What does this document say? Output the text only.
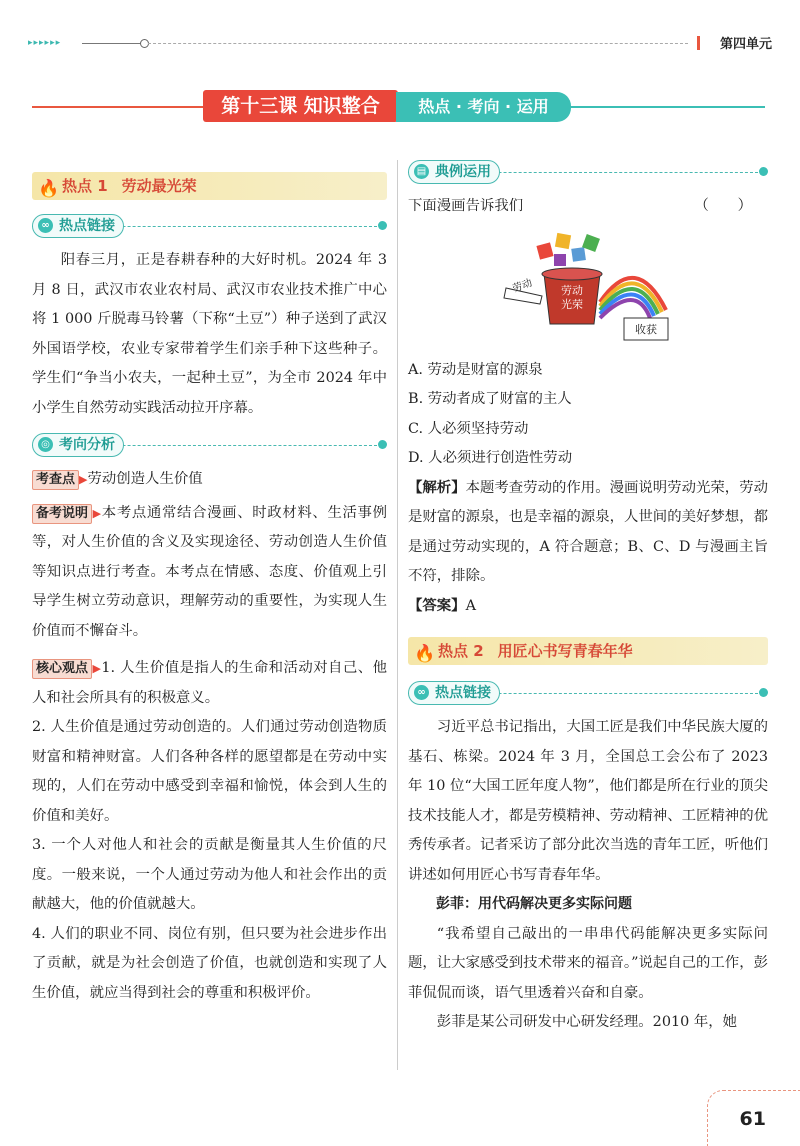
▸▸▸▸▸▸	第四单元
第十三课 知识整合	热点 · 考向 · 运用
🔥 热点 1 劳动最光荣
∞ 热点链接

阳春三月，正是春耕春种的大好时机。2024 年 3 月 8 日，武汉市农业农村局、武汉市农业技术推广中心将 1 000 斤脱毒马铃薯（下称“土豆”）种子送到了武汉外国语学校，农业专家带着学生们亲手种下这些种子。学生们“争当小农夫，一起种土豆”，为全市 2024 年中小学生自然劳动实践活动拉开序幕。

◎ 考向分析

考查点 ▶劳动创造人生价值

备考说明 ▶本考点通常结合漫画、时政材料、生活事例等，对人生价值的含义及实现途径、劳动创造人生价值等知识点进行考查。本考点在情感、态度、价值观上引导学生树立劳动意识，理解劳动的重要性，为实现人生价值而不懈奋斗。

核心观点 ▶1. 人生价值是指人的生命和活动对自己、他人和社会所具有的积极意义。

2. 人生价值是通过劳动创造的。人们通过劳动创造物质财富和精神财富。人们各种各样的愿望都是在劳动中实现的，人们在劳动中感受到幸福和愉悦，体会到人生的价值和美好。

3. 一个人对他人和社会的贡献是衡量其人生价值的尺度。一般来说，一个人通过劳动为他人和社会作出的贡献越大，他的价值就越大。

4. 人们的职业不同、岗位有别，但只要为社会进步作出了贡献，就是为社会创造了价值，也就创造和实现了人生价值，就应当得到社会的尊重和积极评价。

▤ 典例运用

下面漫画告诉我们	（　　）

劳动
光荣
劳动
收获

A. 劳动是财富的源泉

B. 劳动者成了财富的主人

C. 人必须坚持劳动

D. 人必须进行创造性劳动

【解析】本题考查劳动的作用。漫画说明劳动光荣，劳动是财富的源泉，也是幸福的源泉，人世间的美好梦想，都是通过劳动实现的，A 符合题意；B、C、D 与漫画主旨不符，排除。

【答案】A

🔥 热点 2 用匠心书写青春年华
∞ 热点链接

习近平总书记指出，大国工匠是我们中华民族大厦的基石、栋梁。2024 年 3 月，全国总工会公布了 2023 年 10 位“大国工匠年度人物”，他们都是所在行业的顶尖技术技能人才，都是劳模精神、劳动精神、工匠精神的优秀传承者。记者采访了部分此次当选的青年工匠，听他们讲述如何用匠心书写青春年华。

彭菲：用代码解决更多实际问题

“我希望自己敲出的一串串代码能解决更多实际问题，让大家感受到技术带来的福音。”说起自己的工作，彭菲侃侃而谈，语气里透着兴奋和自豪。

彭菲是某公司研发中心研发经理。2010 年，她

61
